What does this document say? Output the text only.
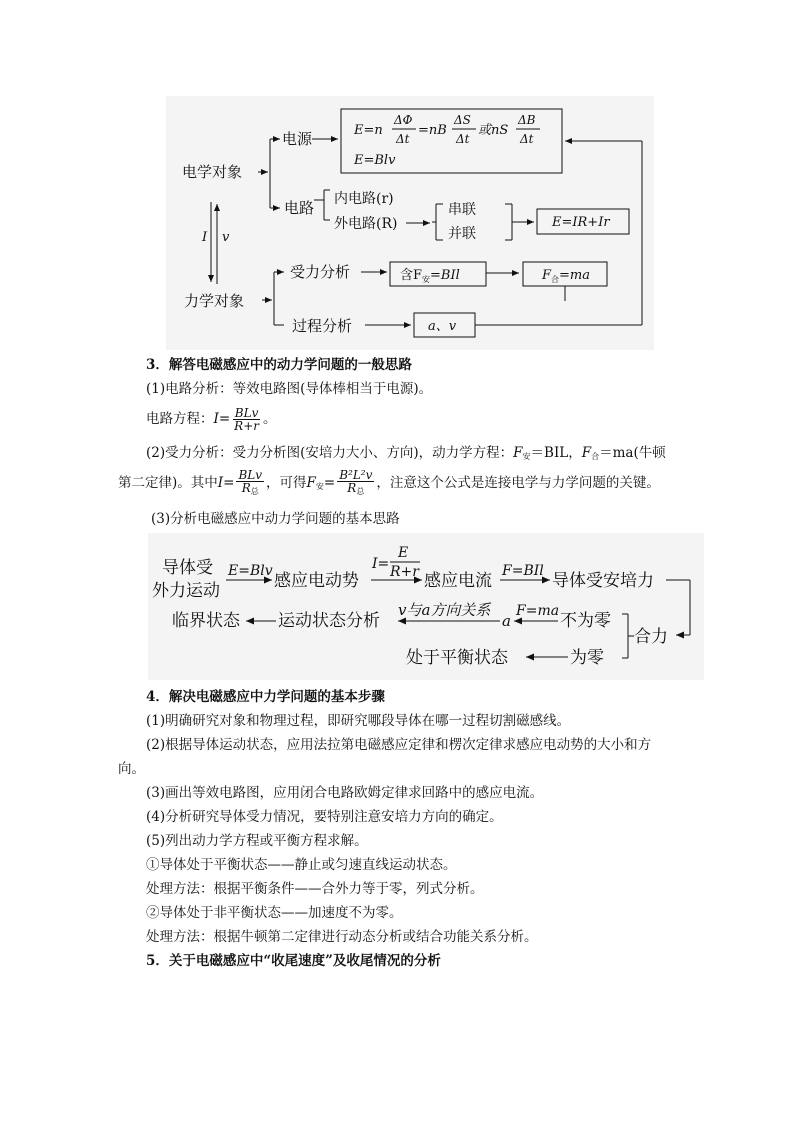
电学对象
电源	E=n
ΔΦ
Δt
=nB
ΔS
Δt
或nS
ΔB
Δt
E=Blv
电路 内电路(r)
外电路(R)
串联
并联
E=IR+Ir
I v
力学对象
受力分析	含$F_安=BIl$	$F_合=ma$
过程分析	a、v
3．解答电磁感应中的动力学问题的一般思路
(1)电路分析：等效电路图(导体棒相当于电源)。
电路方程：$I= \frac{\text{BLv}}{R+r}$ 。
(2)受力分析：受力分析图(安培力大小、方向)，动力学方程：$F_安=BIL$，$F_合=ma$(牛顿
第二定律)。其中$I= \frac{\text{BLv}}{R_总}$ ，可得$F_安= \frac{\text{B²L²v}}{R_总}$ ，注意这个公式是连接电学与力学问题的关键。
(3)分析电磁感应中动力学问题的基本思路
导体受
外力运动
E=Blv 感应电动势
I=
E
R+r 感应电流 F=BIl 导体受安培力
临界状态 运动状态分析
v与a方向关系
a
F=ma 不为零
合力
处于平衡状态	为零
4．解决电磁感应中力学问题的基本步骤
(1)明确研究对象和物理过程，即研究哪段导体在哪一过程切割磁感线。
(2)根据导体运动状态，应用法拉第电磁感应定律和楞次定律求感应电动势的大小和方
向。
(3)画出等效电路图，应用闭合电路欧姆定律求回路中的感应电流。
(4)分析研究导体受力情况，要特别注意安培力方向的确定。
(5)列出动力学方程或平衡方程求解。
①导体处于平衡状态——静止或匀速直线运动状态。
处理方法：根据平衡条件——合外力等于零，列式分析。
②导体处于非平衡状态——加速度不为零。
处理方法：根据牛顿第二定律进行动态分析或结合功能关系分析。
5．关于电磁感应中“收尾速度”及收尾情况的分析
